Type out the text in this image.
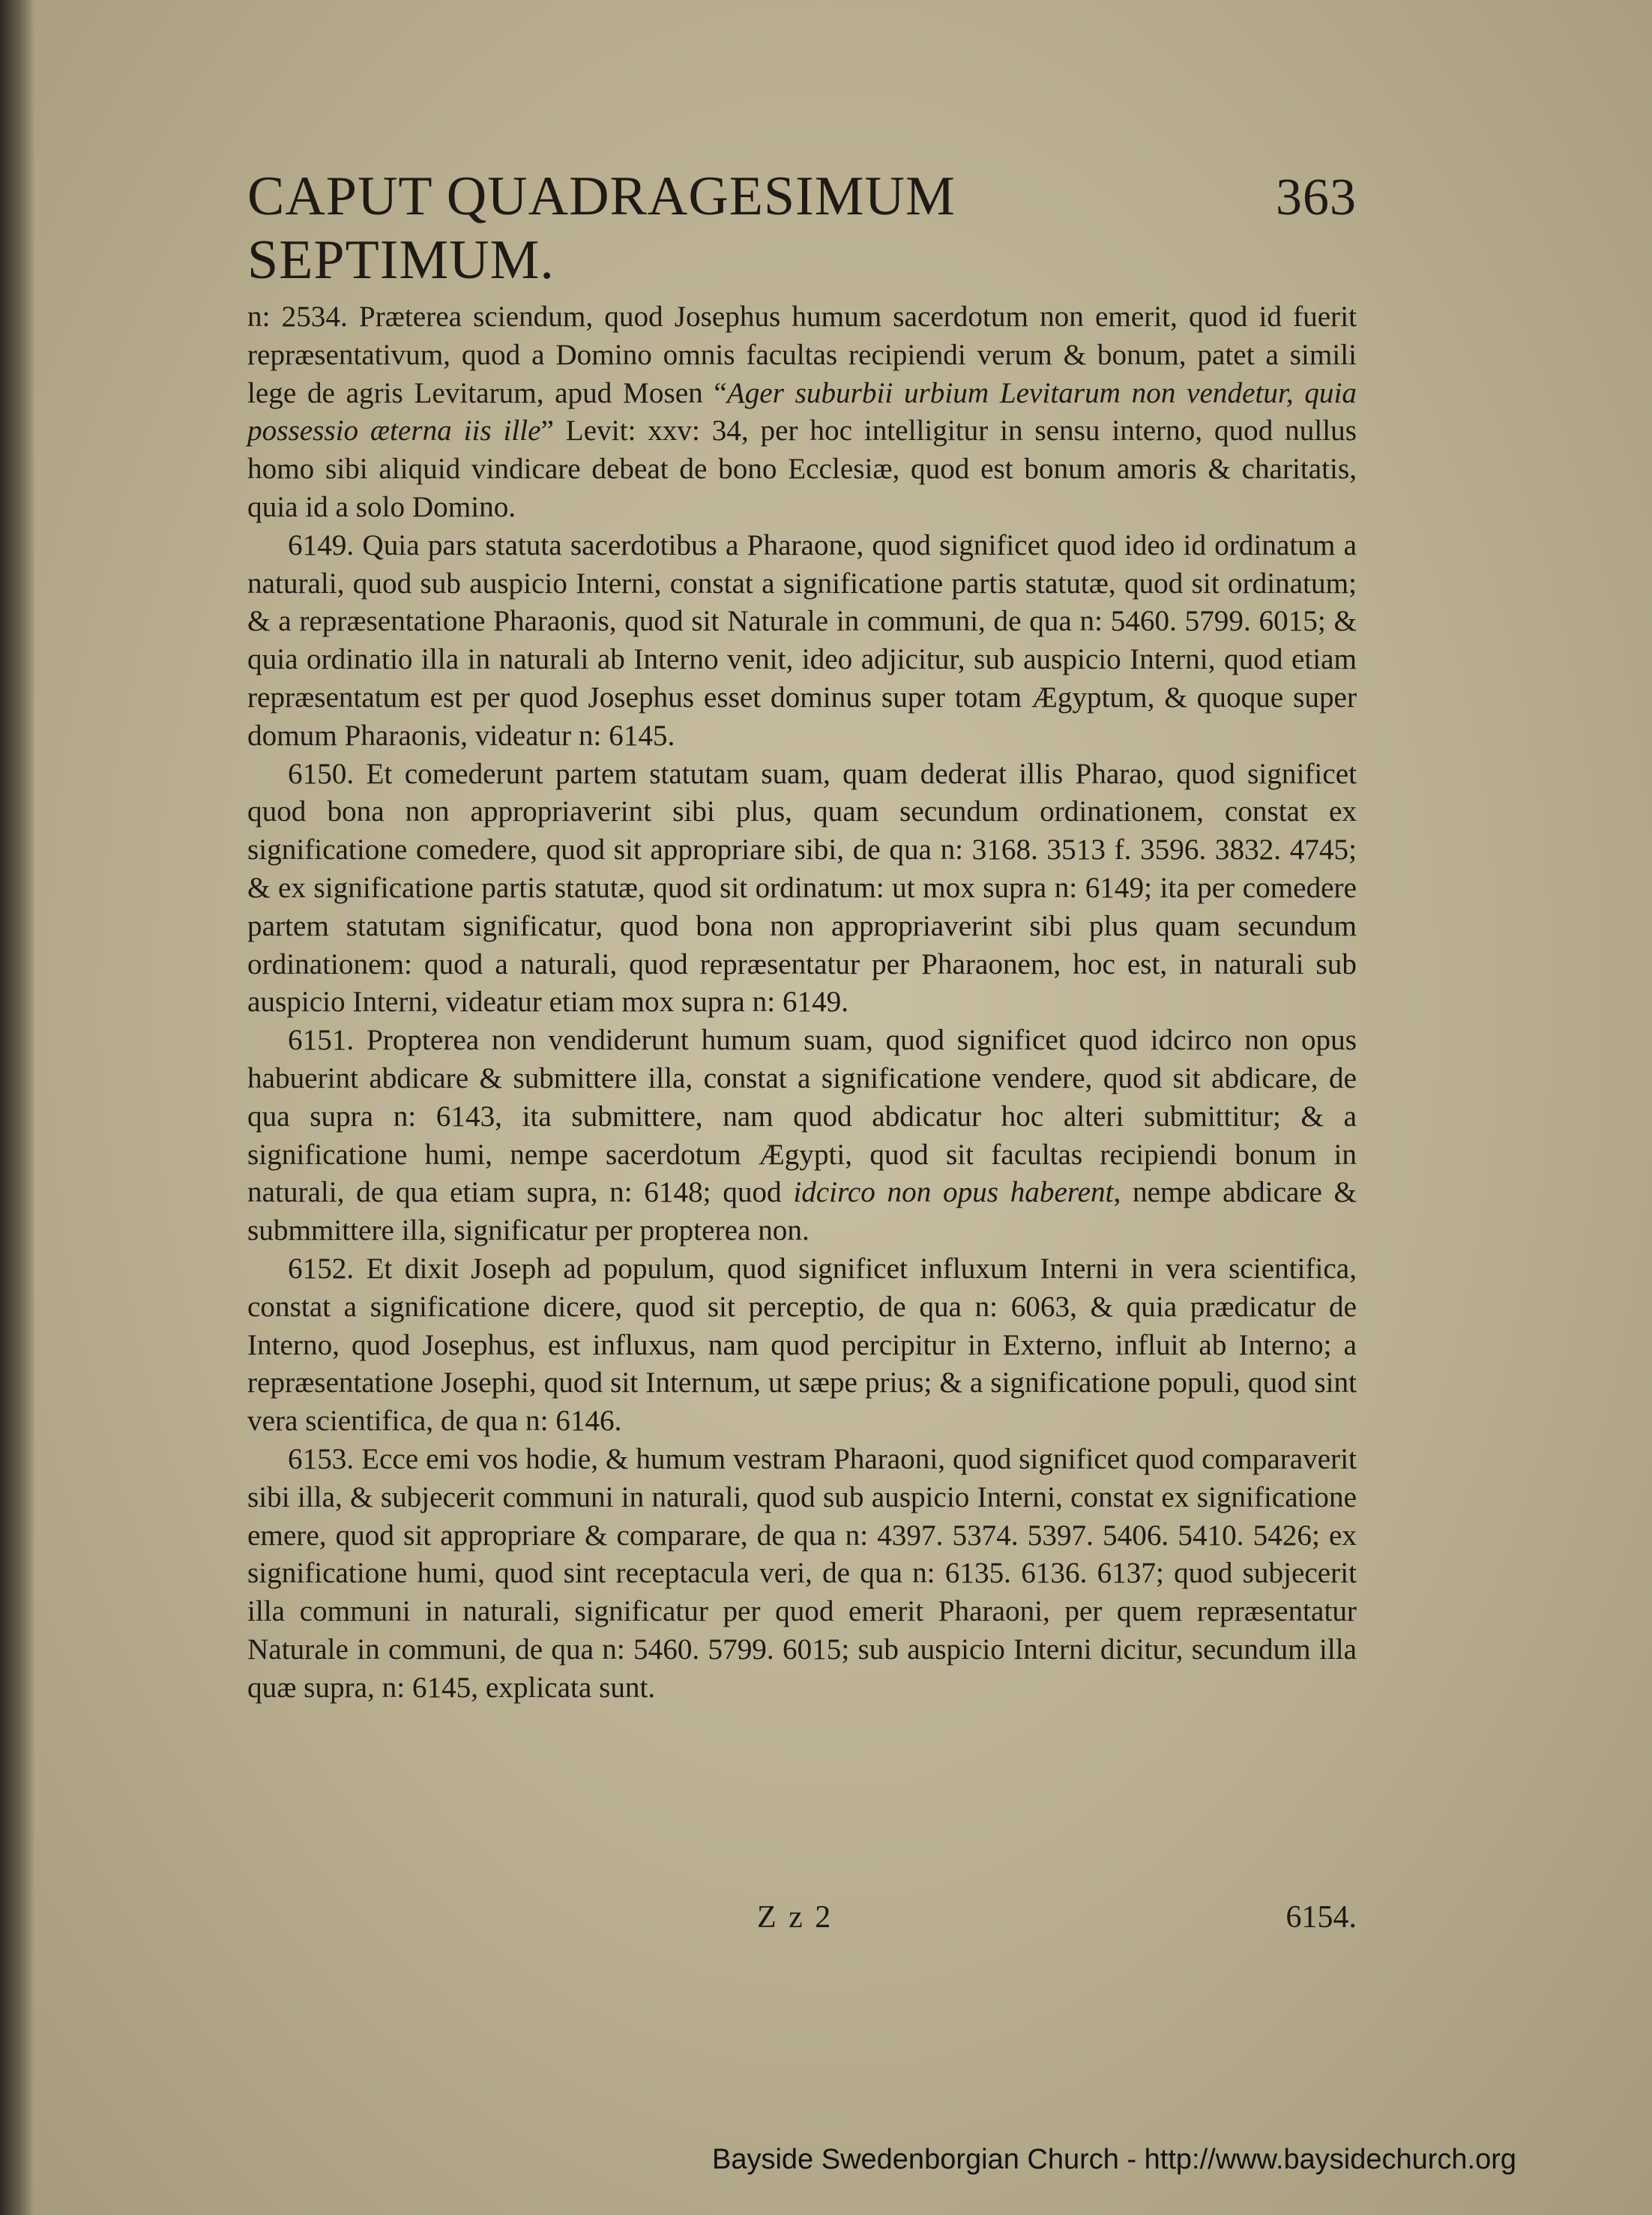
CAPUT QUADRAGESIMUM SEPTIMUM.
363

n: 2534. Præterea sciendum, quod Josephus humum sacerdotum non emerit, quod id fuerit repræsentativum, quod a Domino omnis facultas recipiendi verum & bonum, patet a simili lege de agris Levitarum, apud Mosen “Ager suburbii urbium Levitarum non vendetur, quia possessio æterna iis ille” Levit: xxv: 34, per hoc intelligitur in sensu interno, quod nullus homo sibi aliquid vindicare debeat de bono Ecclesiæ, quod est bonum amoris & charitatis, quia id a solo Domino.

6149. Quia pars statuta sacerdotibus a Pharaone, quod significet quod ideo id ordinatum a naturali, quod sub auspicio Interni, constat a significatione partis statutæ, quod sit ordinatum; & a repræsentatione Pharaonis, quod sit Naturale in communi, de qua n: 5460. 5799. 6015; & quia ordinatio illa in naturali ab Interno venit, ideo adjicitur, sub auspicio Interni, quod etiam repræsentatum est per quod Josephus esset dominus super totam Ægyptum, & quoque super domum Pharaonis, videatur n: 6145.

6150. Et comederunt partem statutam suam, quam dederat illis Pharao, quod significet quod bona non appropriaverint sibi plus, quam secundum ordinationem, constat ex significatione comedere, quod sit appropriare sibi, de qua n: 3168. 3513 f. 3596. 3832. 4745; & ex significatione partis statutæ, quod sit ordinatum: ut mox supra n: 6149; ita per comedere partem statutam significatur, quod bona non appropriaverint sibi plus quam secundum ordinationem: quod a naturali, quod repræsentatur per Pharaonem, hoc est, in naturali sub auspicio Interni, videatur etiam mox supra n: 6149.

6151. Propterea non vendiderunt humum suam, quod significet quod idcirco non opus habuerint abdicare & submittere illa, constat a significatione vendere, quod sit abdicare, de qua supra n: 6143, ita submittere, nam quod abdicatur hoc alteri submittitur; & a significatione humi, nempe sacerdotum Ægypti, quod sit facultas recipiendi bonum in naturali, de qua etiam supra, n: 6148; quod idcirco non opus haberent, nempe abdicare & submmittere illa, significatur per propterea non.

6152. Et dixit Joseph ad populum, quod significet influxum Interni in vera scientifica, constat a significatione dicere, quod sit perceptio, de qua n: 6063, & quia prædicatur de Interno, quod Josephus, est influxus, nam quod percipitur in Externo, influit ab Interno; a repræsentatione Josephi, quod sit Internum, ut sæpe prius; & a significatione populi, quod sint vera scientifica, de qua n: 6146.

6153. Ecce emi vos hodie, & humum vestram Pharaoni, quod significet quod comparaverit sibi illa, & subjecerit communi in naturali, quod sub auspicio Interni, constat ex significatione emere, quod sit appropriare & comparare, de qua n: 4397. 5374. 5397. 5406. 5410. 5426; ex significatione humi, quod sint receptacula veri, de qua n: 6135. 6136. 6137; quod subjecerit illa communi in naturali, significatur per quod emerit Pharaoni, per quem repræsentatur Naturale in communi, de qua n: 5460. 5799. 6015; sub auspicio Interni dicitur, secundum illa quæ supra, n: 6145, explicata sunt.

Z z 2	6154.
Bayside Swedenborgian Church - http://www.baysidechurch.org
